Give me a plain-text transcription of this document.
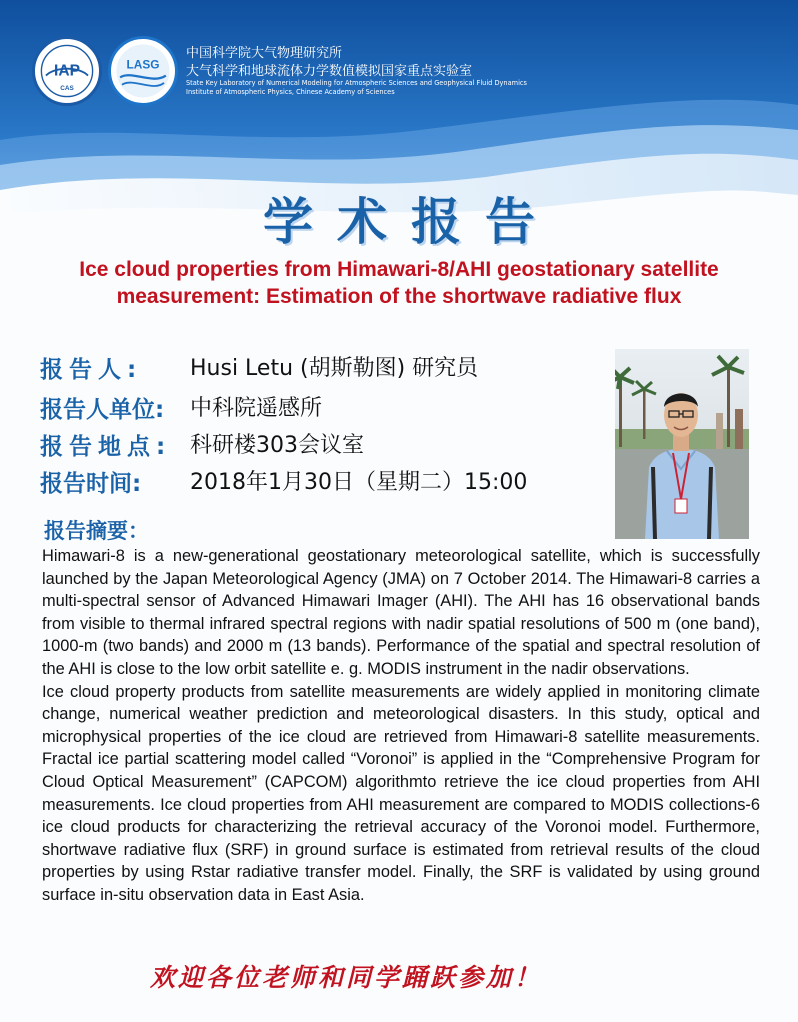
IAP
CAS
LASG
中国科学院大气物理研究所
大气科学和地球流体力学数值模拟国家重点实验室
State Key Laboratory of Numerical Modeling for Atmospheric Sciences and Geophysical Fluid Dynamics
Institute of Atmospheric Physics, Chinese Academy of Sciences
学术报告
Ice cloud properties from Himawari-8/AHI geostationary satellite measurement: Estimation of the shortwave radiative flux
报告人:	Husi Letu (胡斯勒图) 研究员
报告人单位:	中科院遥感所
报告地点: 科研楼303会议室
报告时间:	2018年1月30日（星期二）15:00
报告摘要：

Himawari-8 is a new-generational geostationary meteorological satellite, which is successfully launched by the Japan Meteorological Agency (JMA) on 7 October 2014. The Himawari-8 carries a multi-spectral sensor of Advanced Himawari Imager (AHI). The AHI has 16 observational bands from visible to thermal infrared spectral regions with nadir spatial resolutions of 500 m (one band), 1000-m (two bands) and 2000 m (13 bands). Performance of the spatial and spectral resolution of the AHI is close to the low orbit satellite e. g. MODIS instrument in the nadir observations.

Ice cloud property products from satellite measurements are widely applied in monitoring climate change, numerical weather prediction and meteorological disasters. In this study, optical and microphysical properties of the ice cloud are retrieved from Himawari-8 satellite measurements. Fractal ice partial scattering model called “Voronoi” is applied in the “Comprehensive Program for Cloud Optical Measurement” (CAPCOM) algorithmto retrieve the ice cloud properties from AHI measurements. Ice cloud properties from AHI measurement are compared to MODIS collections-6 ice cloud products for characterizing the retrieval accuracy of the Voronoi model. Furthermore, shortwave radiative flux (SRF) in ground surface is estimated from retrieval results of the cloud properties by using Rstar radiative transfer model. Finally, the SRF is validated by using ground surface in-situ observation data in East Asia.

欢迎各位老师和同学踊跃参加！
